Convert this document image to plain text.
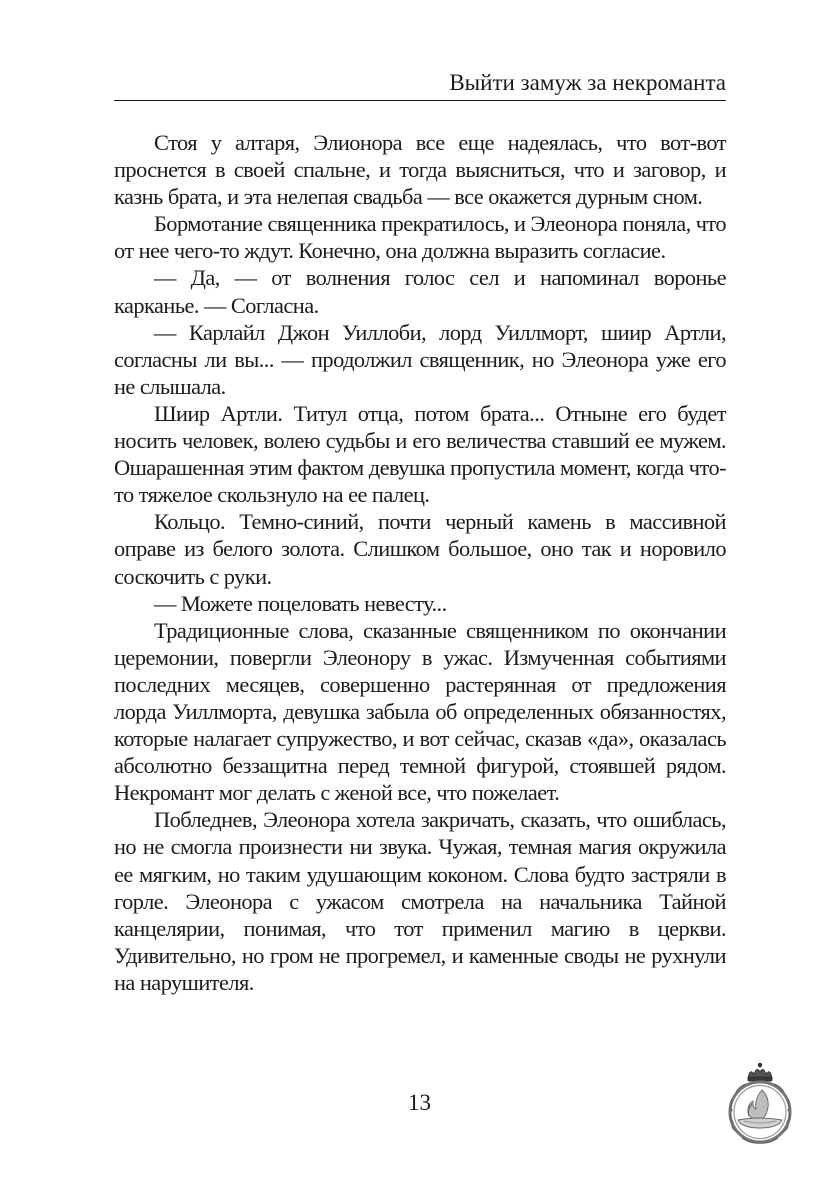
Выйти замуж за некроманта

Стоя у алтаря, Элионора все еще надеялась, что вот-вот проснется в своей спальне, и тогда выясниться, что и заговор, и казнь брата, и эта нелепая свадьба — все окажется дурным сном.

Бормотание священника прекратилось, и Элеонора поняла, что от нее чего-то ждут. Конечно, она должна выразить согласие.

— Да, — от волнения голос сел и напоминал воронье карканье. — Согласна.

— Карлайл Джон Уиллоби, лорд Уиллморт, шиир Артли, согласны ли вы... — продолжил священник, но Элеонора уже его не слышала.

Шиир Артли. Титул отца, потом брата... Отныне его будет носить человек, волею судьбы и его величества ставший ее мужем. Ошарашенная этим фактом девушка пропустила момент, когда что-то тяжелое скользнуло на ее палец.

Кольцо. Темно-синий, почти черный камень в массивной оправе из белого золота. Слишком большое, оно так и норовило соскочить с руки.

— Можете поцеловать невесту...

Традиционные слова, сказанные священником по окончании церемонии, повергли Элеонору в ужас. Измученная событиями последних месяцев, совершенно растерянная от предложения лорда Уиллморта, девушка забыла об определенных обязанностях, которые налагает супружество, и вот сейчас, сказав «да», оказалась абсолютно беззащитна перед темной фигурой, стоявшей рядом. Некромант мог делать с женой все, что пожелает.

Побледнев, Элеонора хотела закричать, сказать, что ошиблась, но не смогла произнести ни звука. Чужая, темная магия окружила ее мягким, но таким удушающим коконом. Слова будто застряли в горле. Элеонора с ужасом смотрела на начальника Тайной канцелярии, понимая, что тот применил магию в церкви. Удивительно, но гром не прогремел, и каменные своды не рухнули на нарушителя.

13
